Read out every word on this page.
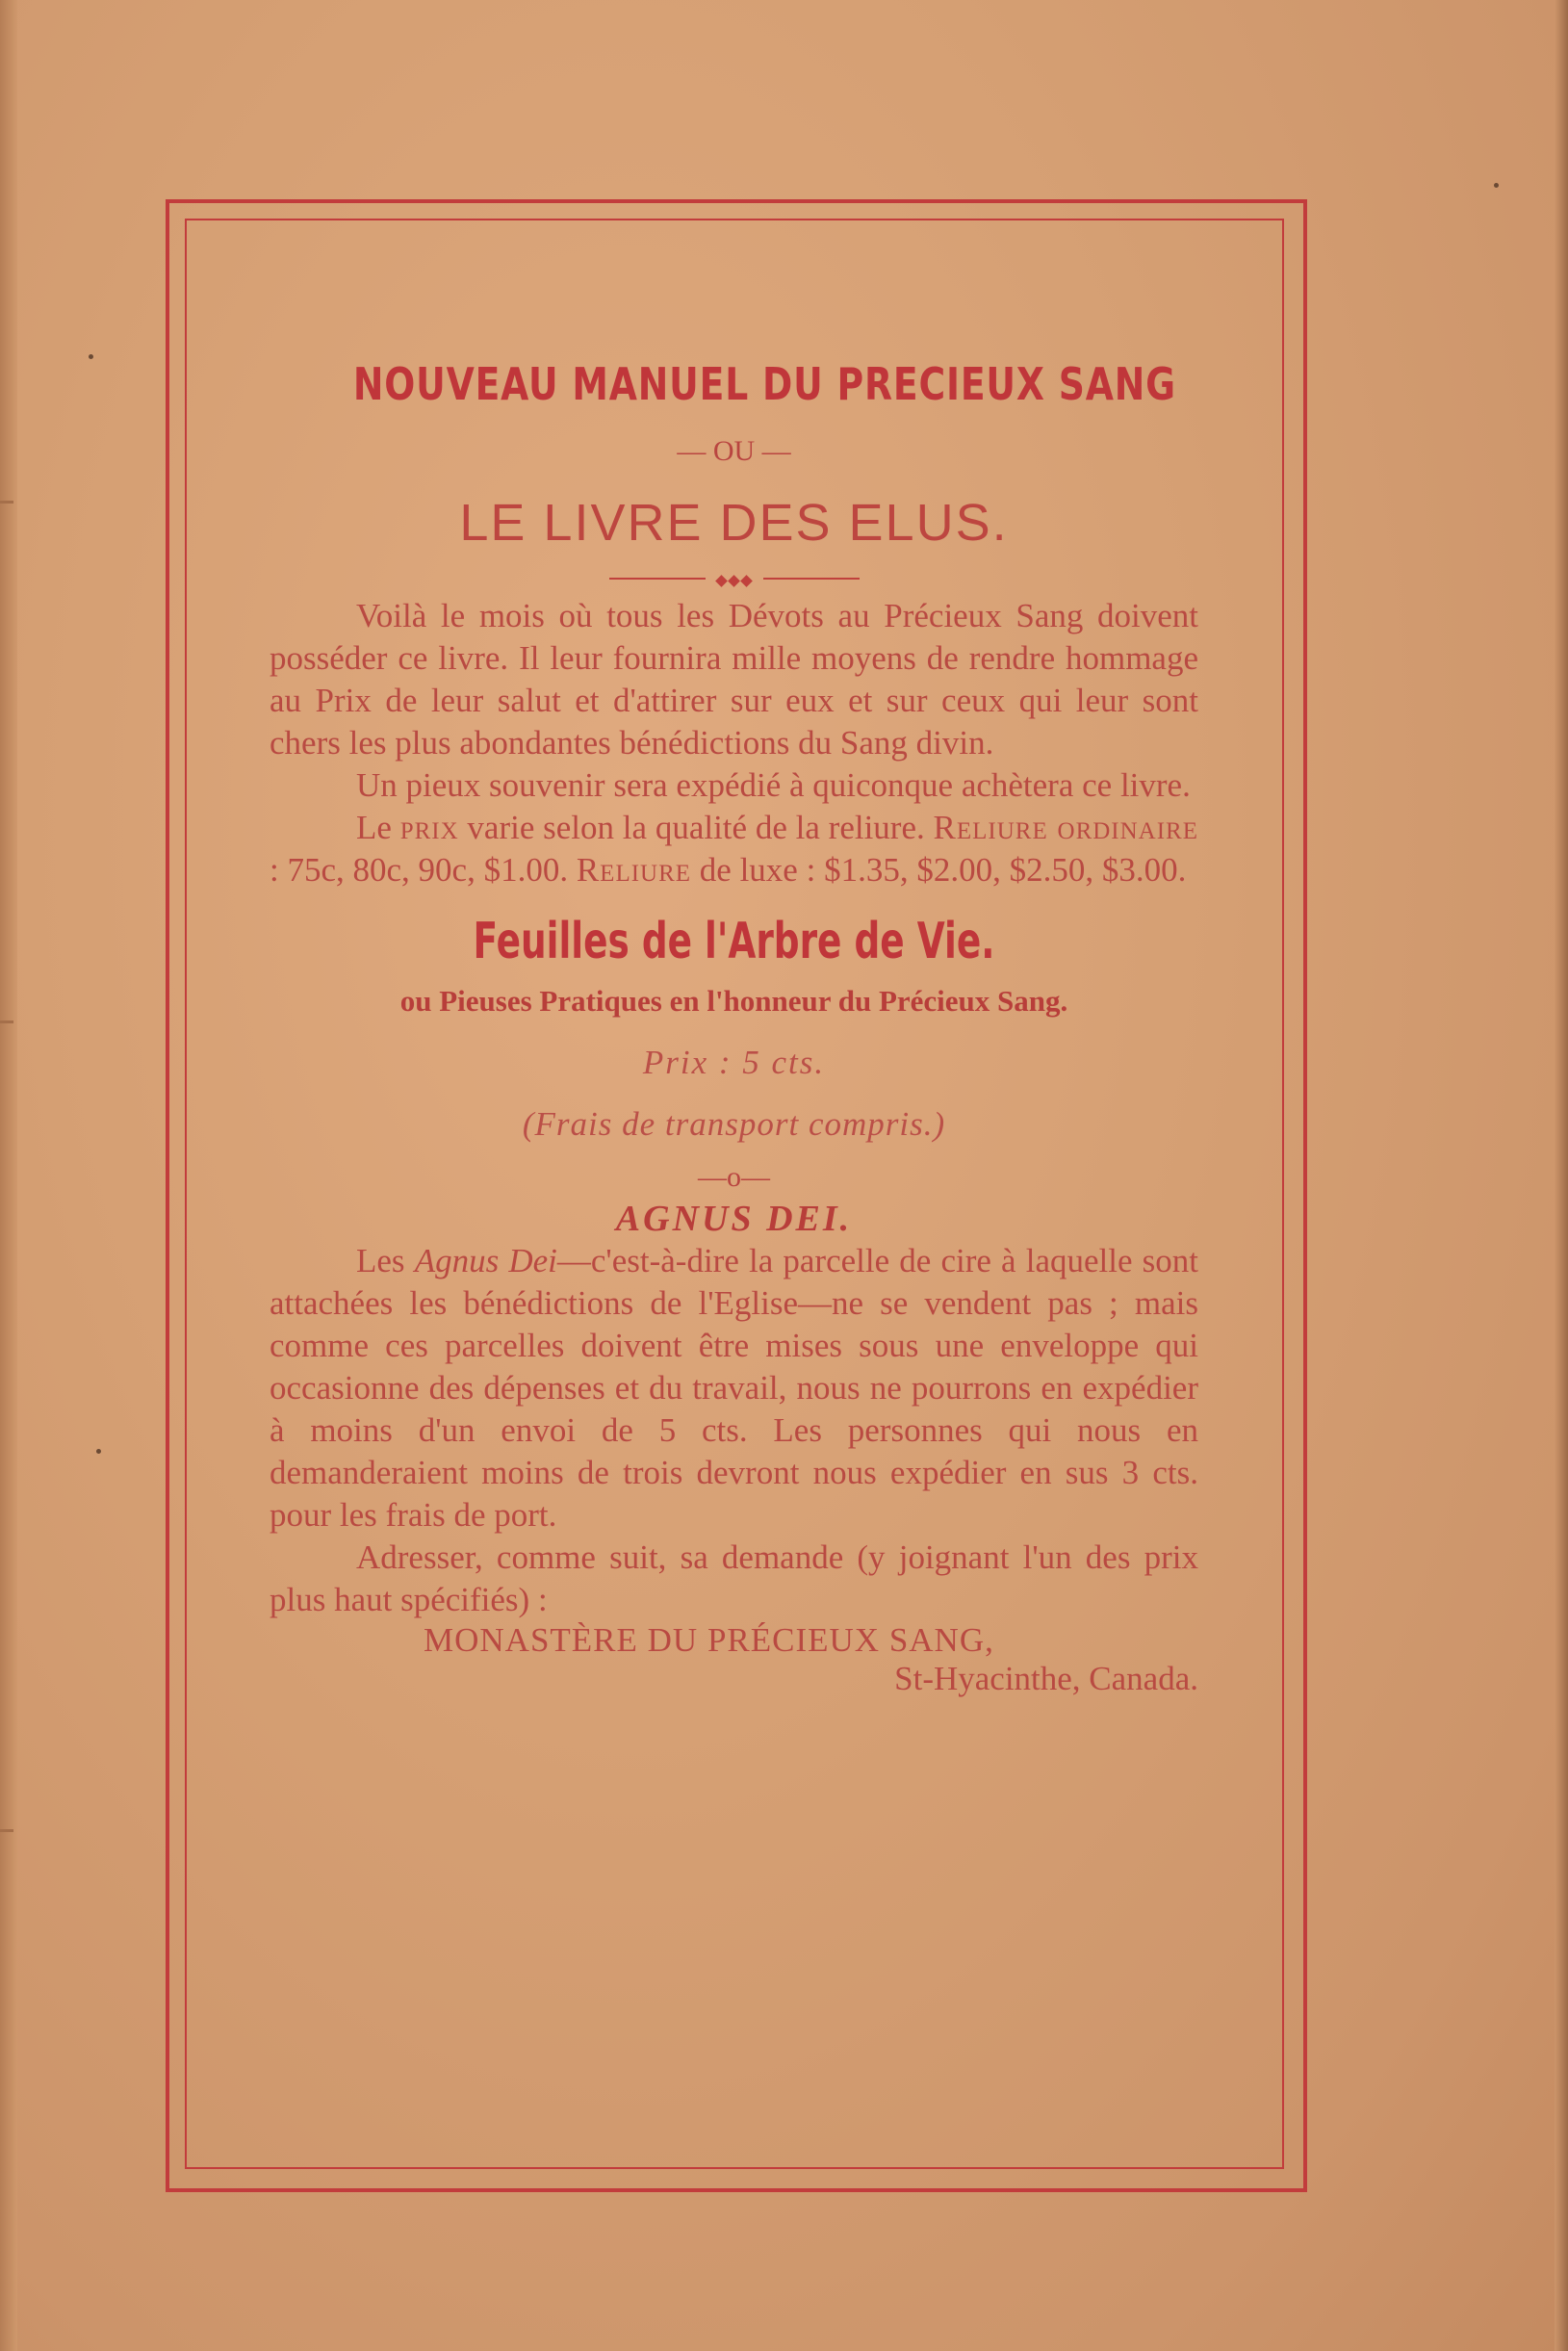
NOUVEAU MANUEL DU PRECIEUX SANG
— OU —
LE LIVRE DES ELUS.

Voilà le mois où tous les Dévots au Précieux Sang doivent posséder ce livre. Il leur fournira mille moyens de rendre hommage au Prix de leur salut et d'attirer sur eux et sur ceux qui leur sont chers les plus abondantes bénédictions du Sang divin.

Un pieux souvenir sera expédié à quiconque achètera ce livre.

Le prix varie selon la qualité de la reliure. Reliure ordinaire : 75c, 80c, 90c, $1.00. Reliure de luxe : $1.35, $2.00, $2.50, $3.00.

Feuilles de l'Arbre de Vie.
ou Pieuses Pratiques en l'honneur du Précieux Sang.
Prix : 5 cts.
(Frais de transport compris.)
—o—
AGNUS DEI.

Les Agnus Dei—c'est-à-dire la parcelle de cire à laquelle sont attachées les bénédictions de l'Eglise—ne se vendent pas ; mais comme ces parcelles doivent être mises sous une enveloppe qui occasionne des dépenses et du travail, nous ne pourrons en expédier à moins d'un envoi de 5 cts. Les personnes qui nous en demanderaient moins de trois devront nous expédier en sus 3 cts. pour les frais de port.

Adresser, comme suit, sa demande (y joignant l'un des prix plus haut spécifiés) :

MONASTÈRE DU PRÉCIEUX SANG,
St-Hyacinthe, Canada.
